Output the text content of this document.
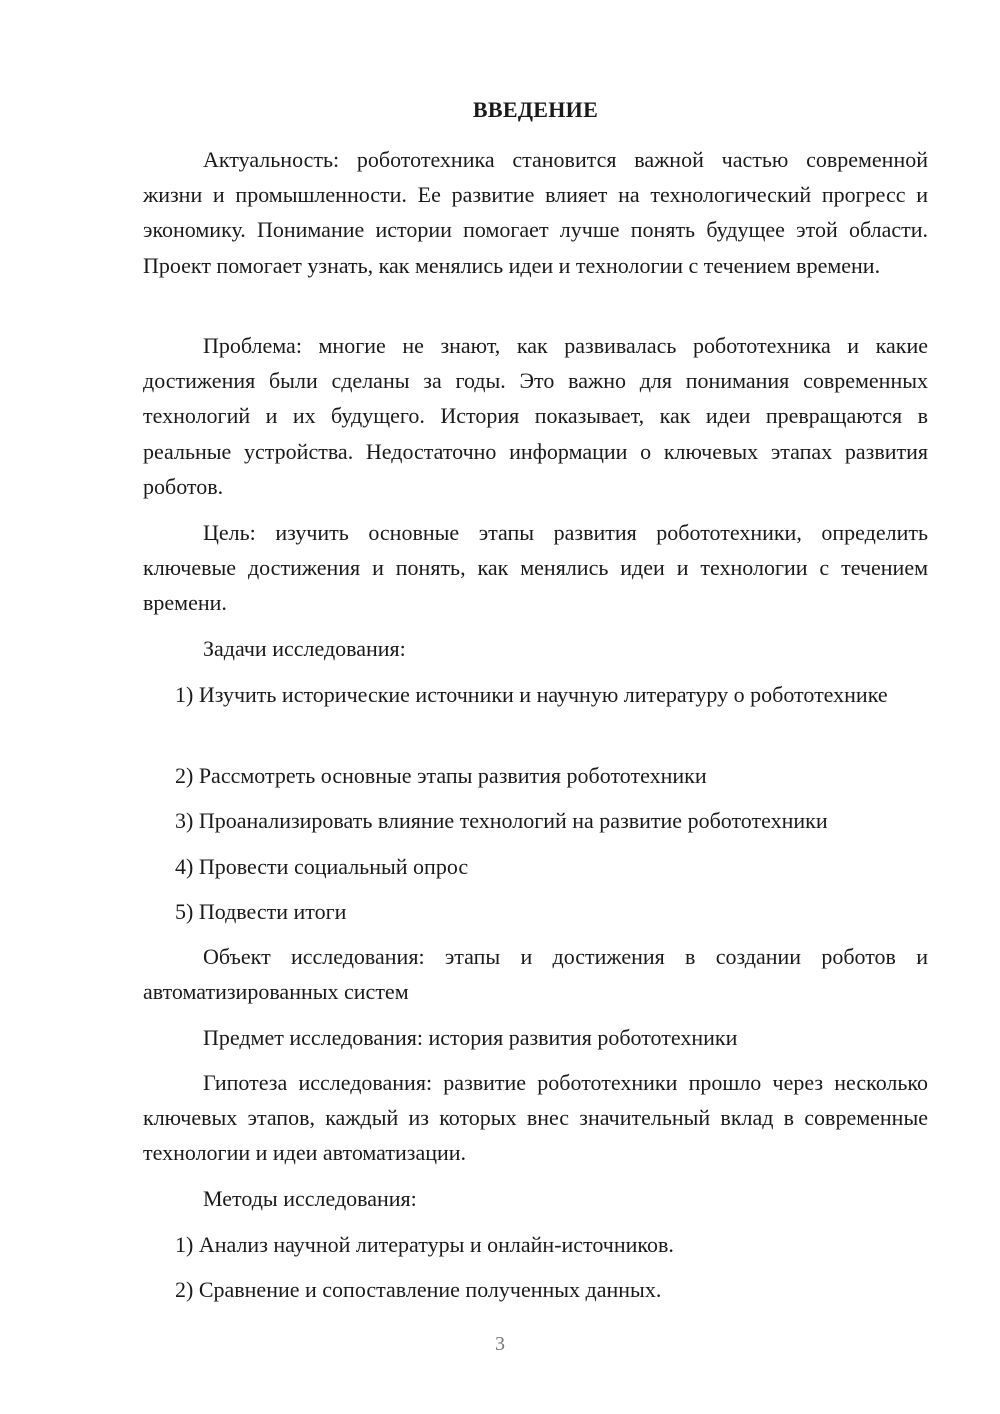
ВВЕДЕНИЕ

Актуальность: робототехника становится важной частью современной жизни и промышленности. Ее развитие влияет на технологический прогресс и экономику. Понимание истории помогает лучше понять будущее этой области. Проект помогает узнать, как менялись идеи и технологии с течением времени.

Проблема: многие не знают, как развивалась робототехника и какие достижения были сделаны за годы. Это важно для понимания современных технологий и их будущего. История показывает, как идеи превращаются в реальные устройства. Недостаточно информации о ключевых этапах развития роботов.

Цель: изучить основные этапы развития робототехники, определить ключевые достижения и понять, как менялись идеи и технологии с течением времени.

Задачи исследования:

1) Изучить исторические источники и научную литературу о робототехнике

2) Рассмотреть основные этапы развития робототехники

3) Проанализировать влияние технологий на развитие робототехники

4) Провести социальный опрос

5) Подвести итоги

Объект исследования: этапы и достижения в создании роботов и автоматизированных систем

Предмет исследования: история развития робототехники

Гипотеза исследования: развитие робототехники прошло через несколько ключевых этапов, каждый из которых внес значительный вклад в современные технологии и идеи автоматизации.

Методы исследования:

1) Анализ научной литературы и онлайн-источников.

2) Сравнение и сопоставление полученных данных.

3
